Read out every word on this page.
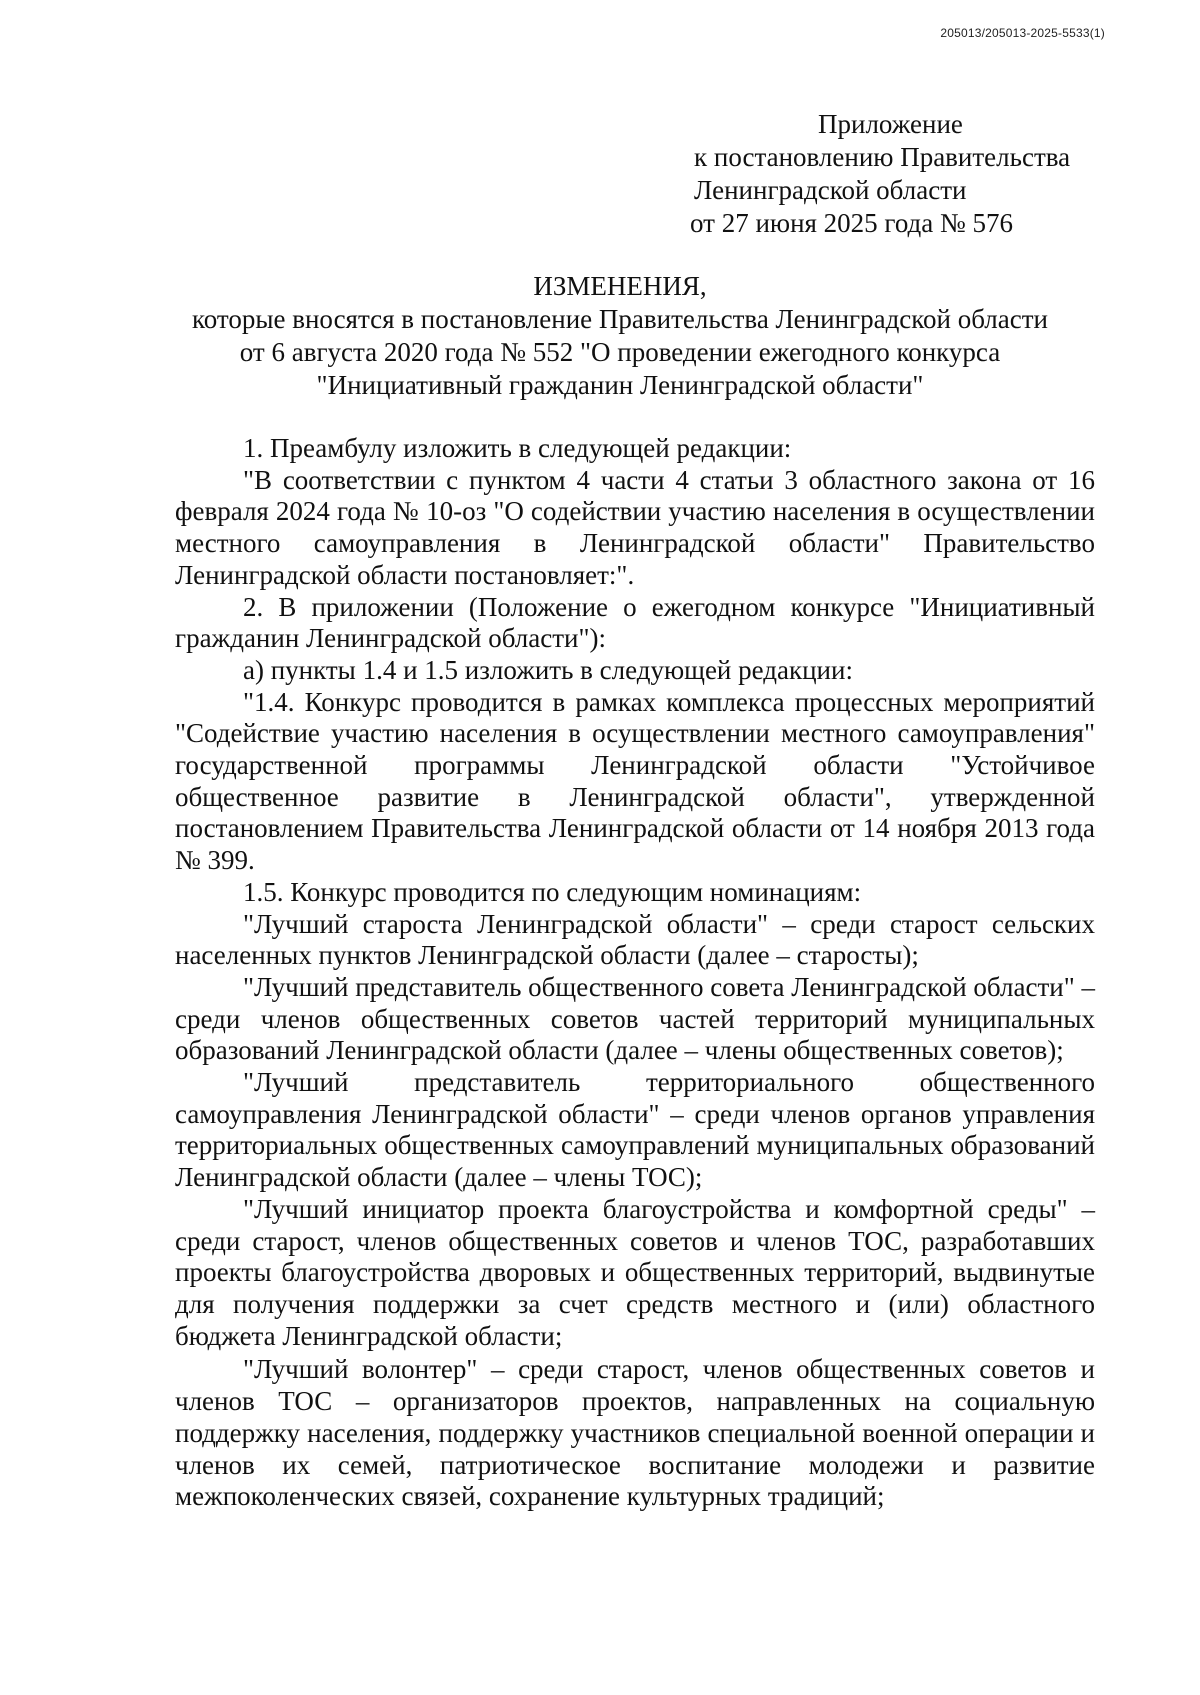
205013/205013-2025-5533(1)
Приложение
к постановлению Правительства
Ленинградской области
от 27 июня 2025 года № 576
ИЗМЕНЕНИЯ,
которые вносятся в постановление Правительства Ленинградской области
от 6 августа 2020 года № 552 "О проведении ежегодного конкурса
"Инициативный гражданин Ленинградской области"

1. Преамбулу изложить в следующей редакции:

"В соответствии с пунктом 4 части 4 статьи 3 областного закона от 16 февраля 2024 года № 10-оз "О содействии участию населения в осуществлении местного самоуправления в Ленинградской области" Правительство Ленинградской области постановляет:".

2. В приложении (Положение о ежегодном конкурсе "Инициативный гражданин Ленинградской области"):

а) пункты 1.4 и 1.5 изложить в следующей редакции:

"1.4. Конкурс проводится в рамках комплекса процессных мероприятий "Содействие участию населения в осуществлении местного самоуправления" государственной программы Ленинградской области "Устойчивое общественное развитие в Ленинградской области", утвержденной постановлением Правительства Ленинградской области от 14 ноября 2013 года № 399.

1.5. Конкурс проводится по следующим номинациям:

"Лучший староста Ленинградской области" – среди старост сельских населенных пунктов Ленинградской области (далее – старосты);

"Лучший представитель общественного совета Ленинградской области" – среди членов общественных советов частей территорий муниципальных образований Ленинградской области (далее – члены общественных советов);

"Лучший представитель территориального общественного самоуправления Ленинградской области" – среди членов органов управления территориальных общественных самоуправлений муниципальных образований Ленинградской области (далее – члены ТОС);

"Лучший инициатор проекта благоустройства и комфортной среды" – среди старост, членов общественных советов и членов ТОС, разработавших проекты благоустройства дворовых и общественных территорий, выдвинутые для получения поддержки за счет средств местного и (или) областного бюджета Ленинградской области;

"Лучший волонтер" – среди старост, членов общественных советов и членов ТОС – организаторов проектов, направленных на социальную поддержку населения, поддержку участников специальной военной операции и членов их семей, патриотическое воспитание молодежи и развитие межпоколенческих связей, сохранение культурных традиций;
